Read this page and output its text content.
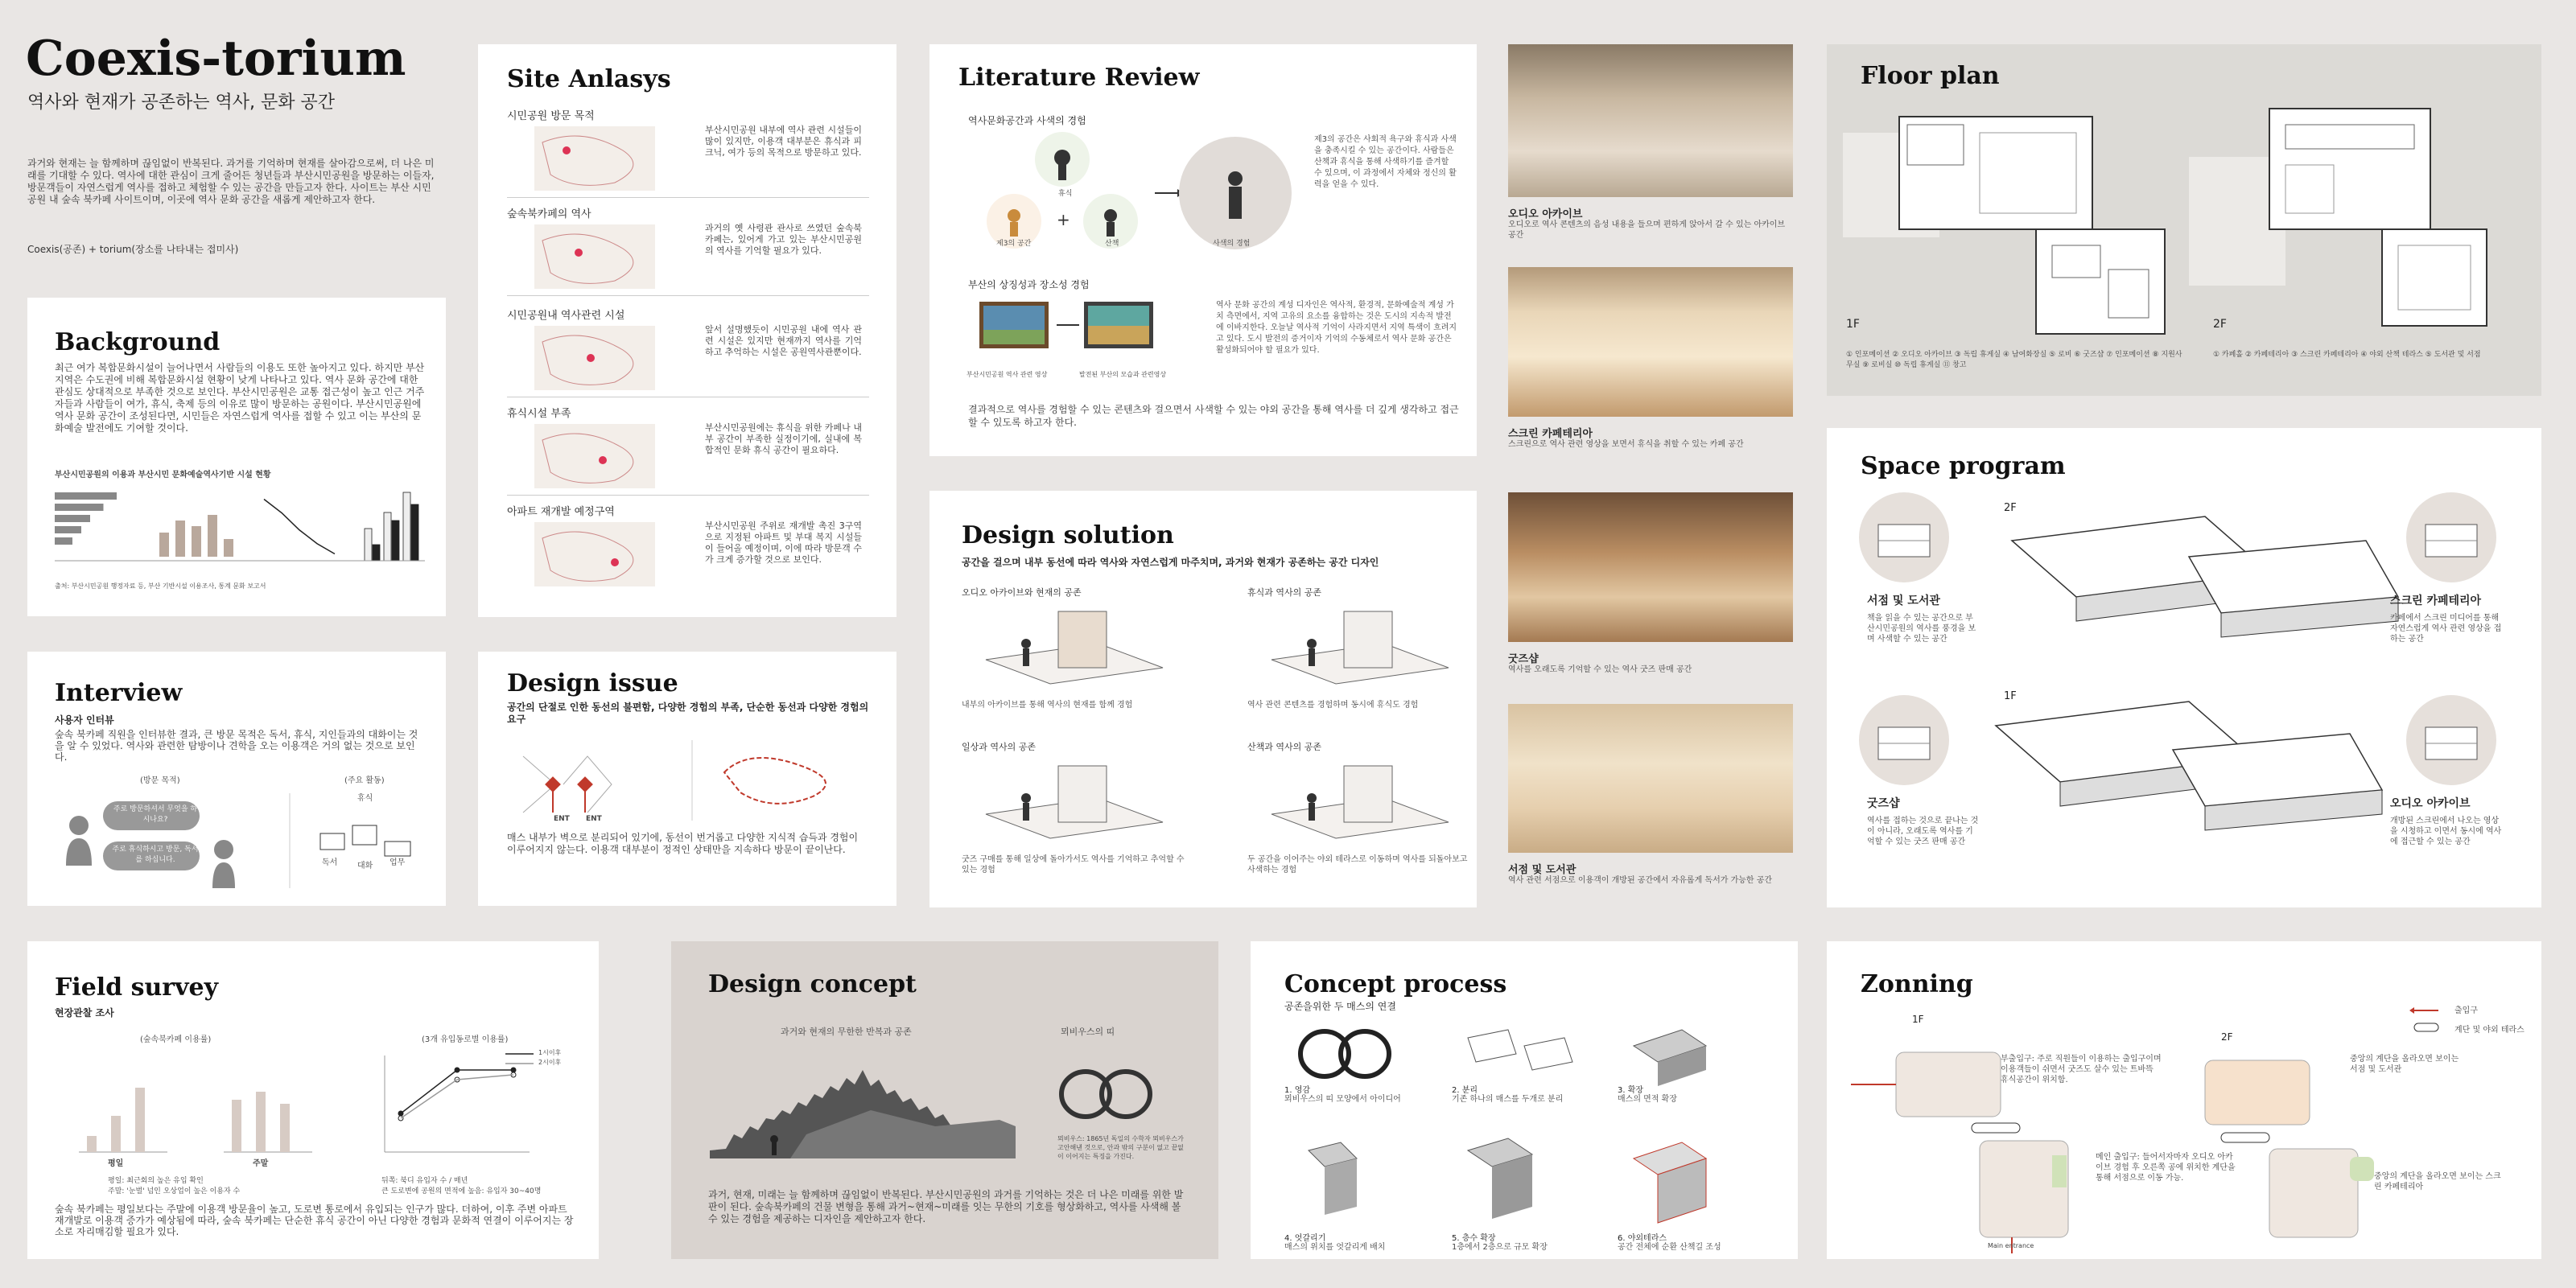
Coexis-torium
역사와 현재가 공존하는 역사, 문화 공간
과거와 현재는 늘 함께하며 끊임없이 반복된다. 과거를 기억하며 현재를 살아감으로써, 더 나은 미래를 기대할 수 있다. 역사에 대한 관심이 크게 줄어든 청년들과 부산시민공원을 방문하는 이들자, 방문객들이 자연스럽게 역사를 접하고 체험할 수 있는 공간을 만들고자 한다. 사이트는 부산 시민 공원 내 숲속 북카페 사이트이며, 이곳에 역사 문화 공간을 새롭게 제안하고자 한다.
Coexis(공존) + torium(장소를 나타내는 접미사)
Background
최근 여가 복합문화시설이 늘어나면서 사람들의 이용도 또한 높아지고 있다. 하지만 부산 지역은 수도권에 비해 복합문화시설 현황이 낮게 나타나고 있다. 역사 문화 공간에 대한 관심도 상대적으로 부족한 것으로 보인다. 부산시민공원은 교통 접근성이 높고 인근 거주자들과 사람들이 여가, 휴식, 축제 등의 이유로 많이 방문하는 공원이다. 부산시민공원에 역사 문화 공간이 조성된다면, 시민들은 자연스럽게 역사를 접할 수 있고 이는 부산의 문화예술 발전에도 기여할 것이다.
부산시민공원의 이용과 부산시민 문화예술역사기반 시설 현황
출처: 부산시민공원 행정자료 등, 부산 기반시설 이용조사, 통계 문화 보고서
Interview
사용자 인터뷰
숲속 북카페 직원을 인터뷰한 결과, 큰 방문 목적은 독서, 휴식, 지인들과의 대화이는 것을 알 수 있었다. 역사와 관련한 탐방이나 견학을 오는 이용객은 거의 없는 것으로 보인다.
(방문 목적)
주로 방문하셔서 무엇을 하시나요?
주로 휴식하시고 방문, 독서를 하십니다.
(주요 활동)
휴식
독서 대화 업무
Field survey
현장관찰 조사
(숲속북카페 이용률)	(3개 유입동로별 이용률)
평일	주말
1시이후
2시이후
평일: 최근회의 높은 유입 확인
주말: '눈벌' 넘인 오상업이 높은 이용자 수
뒤쪽: 북디 유입자 수 / 매년
큰 도로변에 공원의 면적에 높음: 유입자 30~40명
숲속 북카페는 평일보다는 주말에 이용객 방문율이 높고, 도로변 통로에서 유입되는 인구가 많다. 더하여, 이후 주변 아파트 재개발로 이용객 증가가 예상됨에 따라, 숲속 북카페는 단순한 휴식 공간이 아닌 다양한 경험과 문화적 연결이 이루어지는 장소로 자리매김할 필요가 있다.
Site Anlasys
시민공원 방문 목적
부산시민공원 내부에 역사 관련 시설들이 많이 있지만, 이용객 대부분은 휴식과 피크닉, 여가 등의 목적으로 방문하고 있다.
숲속북카페의 역사
과거의 옛 사령관 관사로 쓰였던 숲속북카페는, 있어게 가고 있는 부산시민공원의 역사를 기억할 필요가 있다.
시민공원내 역사관련 시설
앞서 설명했듯이 시민공원 내에 역사 관련 시설은 있지만 현재까지 역사를 기억하고 추억하는 시설은 공원역사관뿐이다.
휴식시설 부족
부산시민공원에는 휴식을 위한 카페나 내부 공간이 부족한 실정이기에, 실내에 복합적인 문화 휴식 공간이 필요하다.
아파트 재개발 예정구역
부산시민공원 주위로 재개발 촉진 3구역으로 지정된 아파트 및 부대 복지 시설들이 들어올 예정이며, 이에 따라 방문객 수가 크게 증가할 것으로 보인다.
Design issue
공간의 단절로 인한 동선의 불편함, 다양한 경험의 부족, 단순한 동선과 다양한 경험의 요구
ENT ENT
매스 내부가 벽으로 분리되어 있기에, 동선이 번거롭고 다양한 지식적 습득과 경험이 이루어지지 않는다. 이용객 대부분이 정적인 상태만을 지속하다 방문이 끝이난다.
Literature Review
역사문화공간과 사색의 경험
+
제3의 공간
휴식
산책	사색의 경험
제3의 공간은 사회적 욕구와 휴식과 사색을 충족시킬 수 있는 공간이다. 사람들은 산책과 휴식을 통해 사색하기를 즐겨할 수 있으며, 이 과정에서 자체와 정신의 활력을 얻을 수 있다.
부산의 상징성과 장소성 경험
부산시민공원 역사 관련 영상	발전된 부산의 모습과 관련영상
역사 문화 공간의 계성 디자인은 역사적, 환경적, 문화예술적 계성 가치 측면에서, 지역 고유의 요소를 융합하는 것은 도시의 지속적 발전에 이바지한다. 오늘날 역사적 기억이 사라지면서 지역 특색이 흐려지고 있다. 도시 발전의 증거이자 기억의 수동체로서 역사 문화 공간은 활성화되어야 할 필요가 있다.
결과적으로 역사를 경험할 수 있는 콘텐츠와 걸으면서 사색할 수 있는 야외 공간을 통해 역사를 더 깊게 생각하고 접근할 수 있도록 하고자 한다.
Design solution
공간을 걸으며 내부 동선에 따라 역사와 자연스럽게 마주치며, 과거와 현재가 공존하는 공간 디자인
오디오 아카이브와 현재의 공존
내부의 아카이브를 통해 역사의 현재를 함께 경험
휴식과 역사의 공존
역사 관련 콘텐츠를 경험하며 동시에 휴식도 경험
일상과 역사의 공존
굿즈 구매를 통해 일상에 돌아가서도 역사를 기억하고 추억할 수 있는 경험
산책과 역사의 공존
두 공간을 이어주는 야외 테라스로 이동하며 역사를 되돌아보고 사색하는 경험
오디오 아카이브
오디오로 역사 콘텐츠의 음성 내용을 들으며 편하게 앉아서 갈 수 있는 아카이브 공간
스크린 카페테리아
스크린으로 역사 관련 영상을 보면서 휴식을 취할 수 있는 카페 공간
굿즈샵
역사를 오래도록 기억할 수 있는 역사 굿즈 판매 공간
서점 및 도서관
역사 관련 서점으로 이용객이 개방된 공간에서 자유롭게 독서가 가능한 공간
Floor plan
1F	2F
① 인포메이션 ② 오디오 아카이브 ③ 독립 휴게실 ④ 남여화장실 ⑤ 로비 ⑥ 굿즈샵 ⑦ 인포메이션 ⑧ 지원사무실 ⑨ 로비실 ⑩ 독립 휴게실 ⑪ 창고
① 카페홀 ② 카페테리아 ③ 스크린 카페테리아 ④ 야외 산책 테라스 ⑤ 도서관 및 서점
Space program
2F
1F
서점 및 도서관
책을 읽을 수 있는 공간으로 부산시민공원의 역사를 풍경을 보며 사색할 수 있는 공간
스크린 카페테리아
카페에서 스크린 미디어를 통해 자연스럽게 역사 관련 영상을 접하는 공간
굿즈샵
역사를 접하는 것으로 끝나는 것이 아니라, 오래도록 역사를 기억할 수 있는 굿즈 판매 공간
오디오 아카이브
개방된 스크린에서 나오는 영상을 시청하고 이면서 동시에 역사에 접근할 수 있는 공간
Design concept
과거와 현재의 무한한 반복과 공존	뫼비우스의 띠
뫼비우스: 1865년 독일의 수학자 뫼비우스가 고안해낸 것으로, 안과 밖의 구분이 없고 끝없이 이어지는 특징을 가진다.
과거, 현재, 미래는 늘 함께하며 끊임없이 반복된다. 부산시민공원의 과거를 기억하는 것은 더 나은 미래를 위한 발판이 된다. 숲속북카페의 건물 변형을 통해 과거~현재~미래를 잇는 무한의 기호를 형상화하고, 역사를 사색해 볼 수 있는 경험을 제공하는 디자인을 제안하고자 한다.
Concept process
공존을위한 두 매스의 연결
1. 영감
뫼비우스의 띠 모양에서 아이디어
2. 분리
기존 하나의 매스를 두개로 분리
3. 확장
매스의 면적 확장
4. 엇갈리기
매스의 위치를 엇갈리게 배치
5. 층수 확장
1층에서 2층으로 규모 확장
6. 야외테라스
공간 전체에 순환 산책길 조성
Zonning
출입구
계단 및 야외 테라스
1F
2F
부출입구: 주로 직원들이 이용하는 출입구이며 이용객들이 쉬면서 굿즈도 살수 있는 트바뜩 휴식공간이 위치함.
메인 출입구: 들어서자마자 오디오 아카이브 경험 후 오른쪽 공에 위치한 계단을 통해 서점으로 이동 가능.
중앙의 계단을 올라오면 보이는 서점 및 도서관
중앙의 계단을 올라오면 보이는 스크린 카페테리아
Main entrance
